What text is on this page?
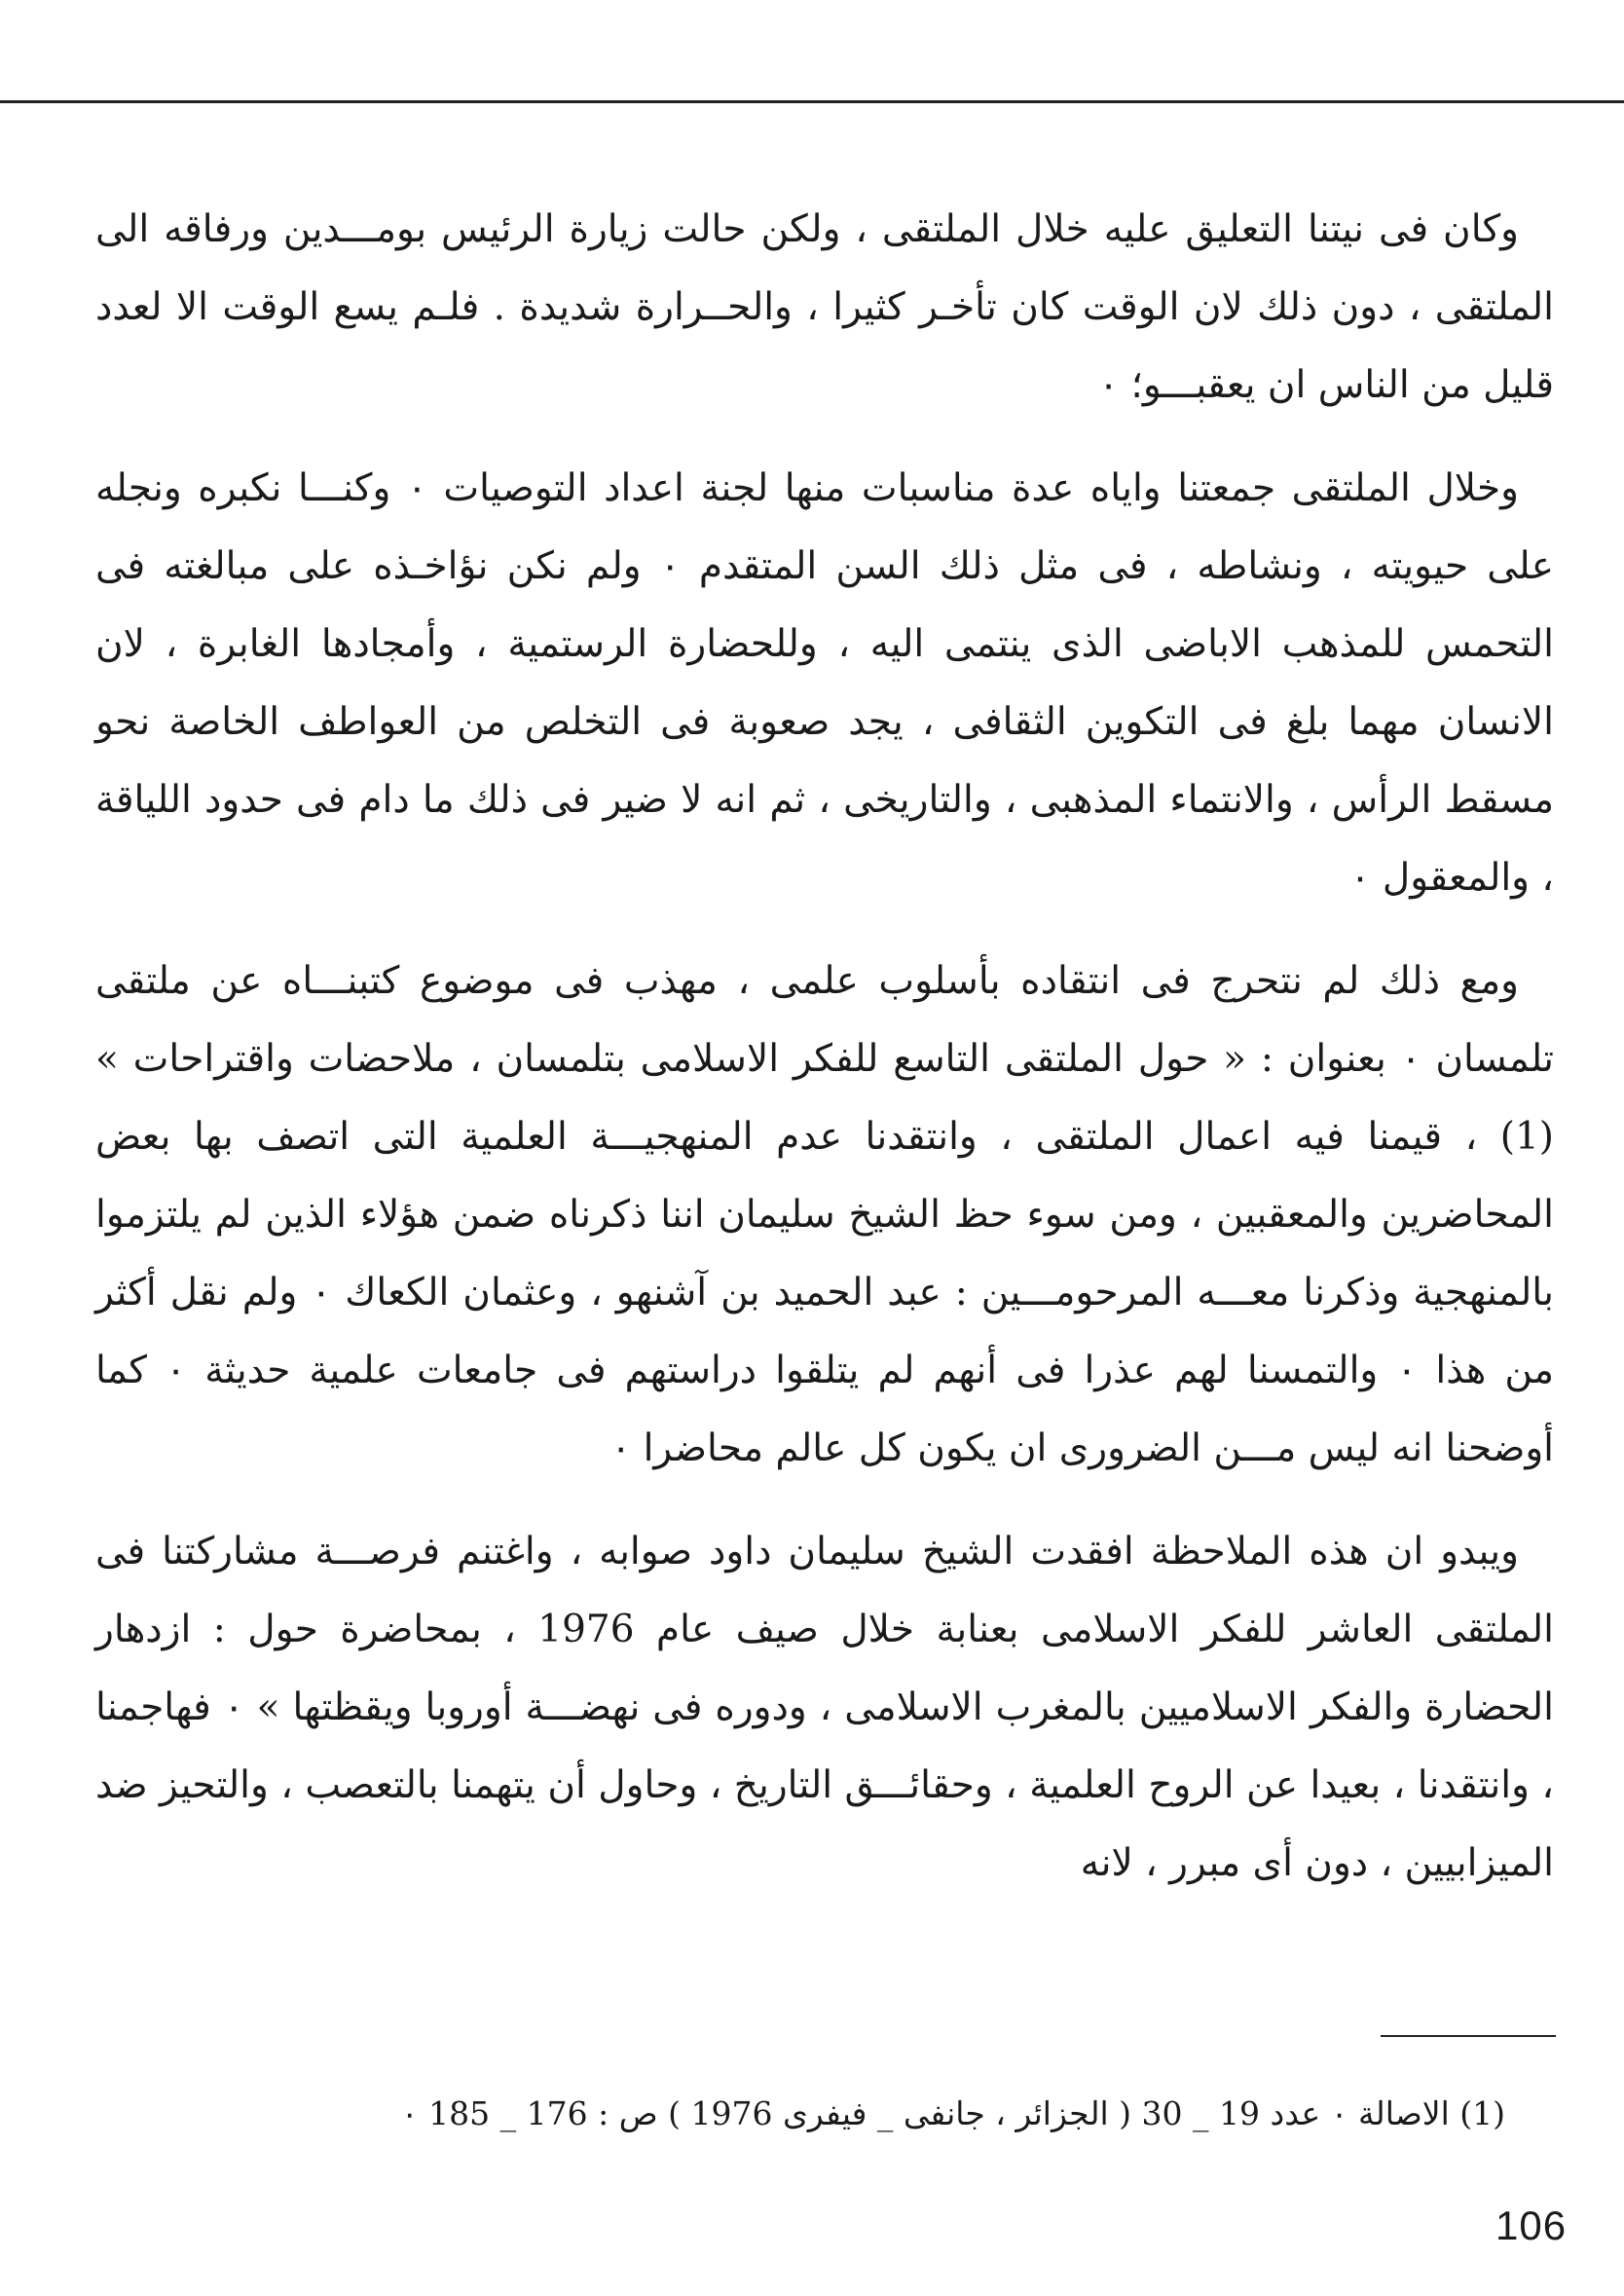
وكان فى نيتنا التعليق عليه خلال الملتقى ، ولكن حالت زيارة الرئيس بومـــدين ورفاقه الى الملتقى ، دون ذلك لان الوقت كان تأخـر كثيرا ، والحــرارة شديدة . فلـم يسع الوقت الا لعدد قليل من الناس ان يعقبـــو؛ ٠

وخلال الملتقى جمعتنا واياه عدة مناسبات منها لجنة اعداد التوصيات ٠ وكنـــا نكبره ونجله على حيويته ، ونشاطه ، فى مثل ذلك السن المتقدم ٠ ولم نكن نؤاخـذه على مبالغته فى التحمس للمذهب الاباضى الذى ينتمى اليه ، وللحضارة الرستمية ، وأمجادها الغابرة ، لان الانسان مهما بلغ فى التكوين الثقافى ، يجد صعوبة فى التخلص من العواطف الخاصة نحو مسقط الرأس ، والانتماء المذهبى ، والتاريخى ، ثم انه لا ضير فى ذلك ما دام فى حدود اللياقة ، والمعقول ٠

ومع ذلك لم نتحرج فى انتقاده بأسلوب علمى ، مهذب فى موضوع كتبنـــاه عن ملتقى تلمسان ٠ بعنوان : « حول الملتقى التاسع للفكر الاسلامى بتلمسان ، ملاحضات واقتراحات » (1) ، قيمنا فيه اعمال الملتقى ، وانتقدنا عدم المنهجيـــة العلمية التى اتصف بها بعض المحاضرين والمعقبين ، ومن سوء حظ الشيخ سليمان اننا ذكرناه ضمن هؤلاء الذين لم يلتزموا بالمنهجية وذكرنا معـــه المرحومـــين : عبد الحميد بن آشنهو ، وعثمان الكعاك ٠ ولم نقل أكثر من هذا ٠ والتمسنا لهم عذرا فى أنهم لم يتلقوا دراستهم فى جامعات علمية حديثة ٠ كما أوضحنا انه ليس مـــن الضرورى ان يكون كل عالم محاضرا ٠

ويبدو ان هذه الملاحظة افقدت الشيخ سليمان داود صوابه ، واغتنم فرصـــة مشاركتنا فى الملتقى العاشر للفكر الاسلامى بعنابة خلال صيف عام 1976 ، بمحاضرة حول : ازدهار الحضارة والفكر الاسلاميين بالمغرب الاسلامى ، ودوره فى نهضـــة أوروبا ويقظتها » ٠ فهاجمنا ، وانتقدنا ، بعيدا عن الروح العلمية ، وحقائـــق التاريخ ، وحاول أن يتهمنا بالتعصب ، والتحيز ضد الميزابيين ، دون أى مبرر ، لانه

(1) الاصالة ٠ عدد 19 _ 30 ( الجزائر ، جانفى _ فيفرى 1976 ) ص : 176 _ 185 ٠
106
